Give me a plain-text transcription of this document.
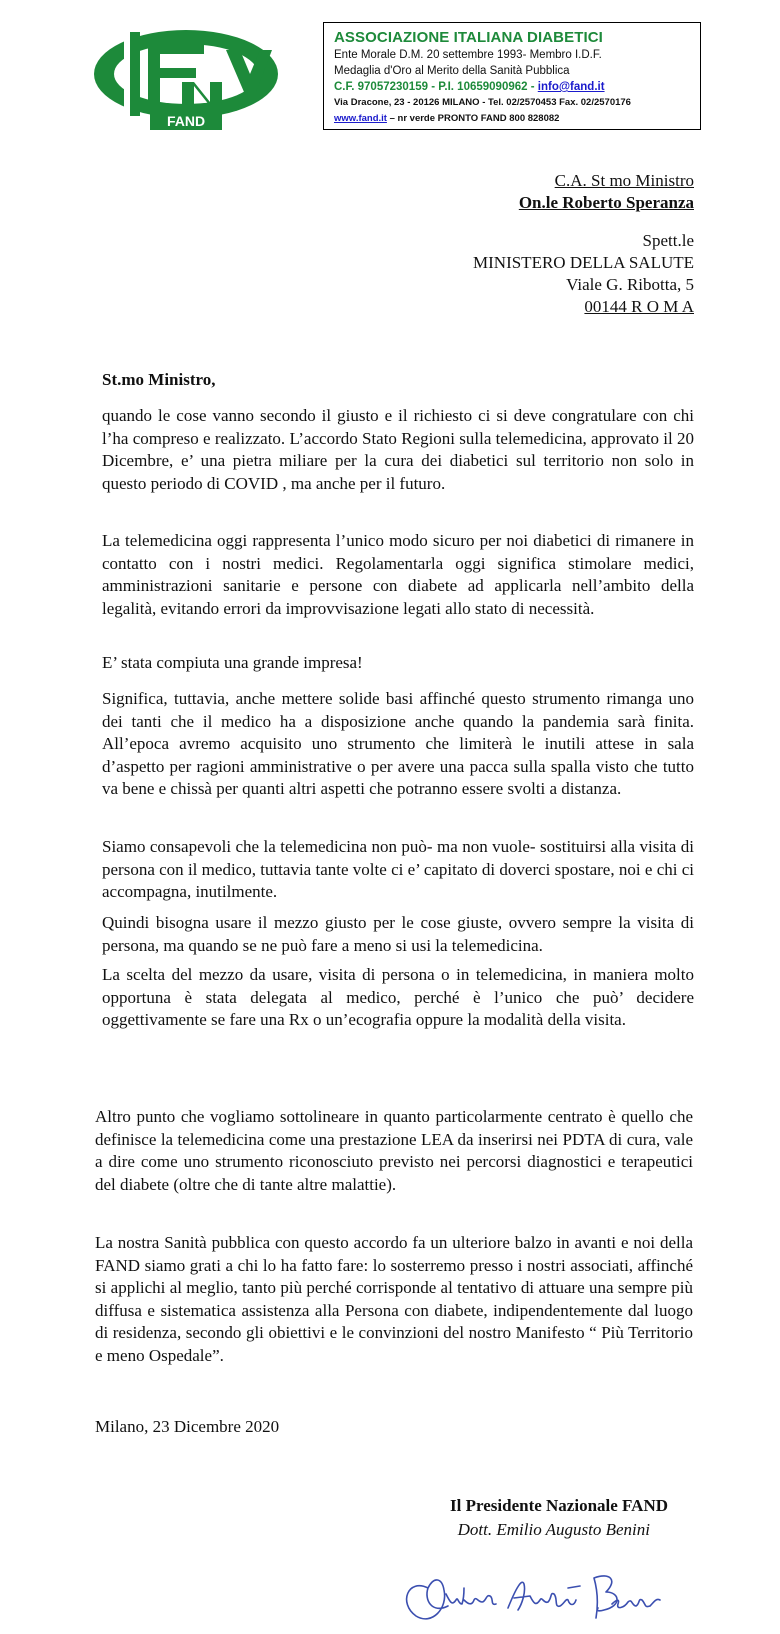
FAND
ASSOCIAZIONE ITALIANA DIABETICI
Ente Morale D.M. 20 settembre 1993- Membro I.D.F.
Medaglia d'Oro al Merito della Sanità Pubblica
C.F. 97057230159 - P.I. 10659090962 - info@fand.it
Via Dracone, 23 - 20126 MILANO - Tel. 02/2570453 Fax. 02/2570176
www.fand.it – nr verde PRONTO FAND 800 828082
C.A. St mo Ministro
On.le Roberto Speranza
Spett.le
MINISTERO DELLA SALUTE
Viale G. Ribotta, 5
00144 R O M A
St.mo Ministro,
quando le cose vanno secondo il giusto e il richiesto ci si deve congratulare con chi l’ha compreso e realizzato. L’accordo Stato Regioni sulla telemedicina, approvato il 20 Dicembre, e’ una pietra miliare per la cura dei diabetici sul territorio non solo in questo periodo di COVID , ma anche per il futuro.
La telemedicina oggi rappresenta l’unico modo sicuro per noi diabetici di rimanere in contatto con i nostri medici. Regolamentarla oggi significa stimolare medici, amministrazioni sanitarie e persone con diabete ad applicarla nell’ambito della legalità, evitando errori da improvvisazione legati allo stato di necessità.
E’ stata compiuta una grande impresa!
Significa, tuttavia, anche mettere solide basi affinché questo strumento rimanga uno dei tanti che il medico ha a disposizione anche quando la pandemia sarà finita. All’epoca avremo acquisito uno strumento che limiterà le inutili attese in sala d’aspetto per ragioni amministrative o per avere una pacca sulla spalla visto che tutto va bene e chissà per quanti altri aspetti che potranno essere svolti a distanza.
Siamo consapevoli che la telemedicina non può- ma non vuole- sostituirsi alla visita di persona con il medico, tuttavia tante volte ci e’ capitato di doverci spostare, noi e chi ci accompagna, inutilmente.
Quindi bisogna usare il mezzo giusto per le cose giuste, ovvero sempre la visita di persona, ma quando se ne può fare a meno si usi la telemedicina.
La scelta del mezzo da usare, visita di persona o in telemedicina, in maniera molto opportuna è stata delegata al medico, perché è l’unico che può’ decidere oggettivamente se fare una Rx o un’ecografia oppure la modalità della visita.
Altro punto che vogliamo sottolineare in quanto particolarmente centrato è quello che definisce la telemedicina come una prestazione LEA da inserirsi nei PDTA di cura, vale a dire come uno strumento riconosciuto previsto nei percorsi diagnostici e terapeutici del diabete (oltre che di tante altre malattie).
La nostra Sanità pubblica con questo accordo fa un ulteriore balzo in avanti e noi della FAND siamo grati a chi lo ha fatto fare: lo sosterremo presso i nostri associati, affinché si applichi al meglio, tanto più perché corrisponde al tentativo di attuare una sempre più diffusa e sistematica assistenza alla Persona con diabete, indipendentemente dal luogo di residenza, secondo gli obiettivi e le convinzioni del nostro Manifesto “ Più Territorio e meno Ospedale”.
Milano, 23 Dicembre 2020
Il Presidente Nazionale FAND
Dott. Emilio Augusto Benini
